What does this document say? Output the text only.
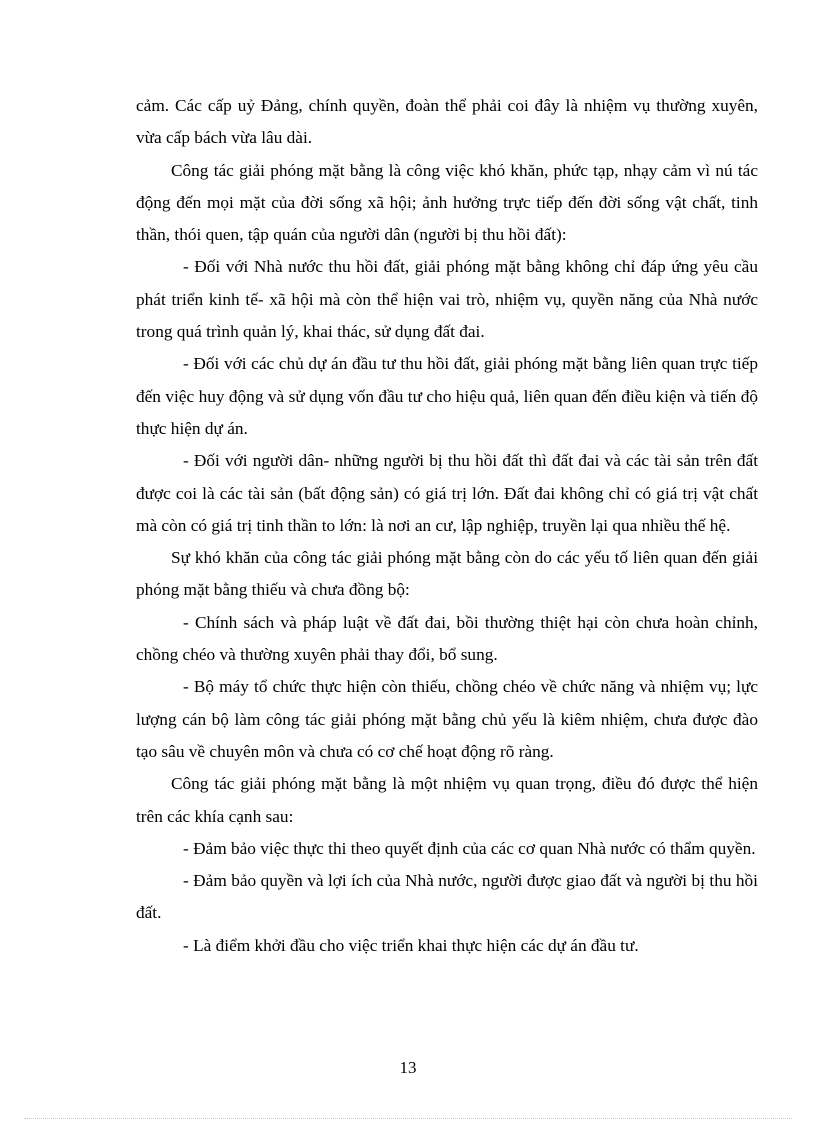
cảm. Các cấp uỷ Đảng, chính quyền, đoàn thể phải coi đây là nhiệm vụ thường xuyên, vừa cấp bách vừa lâu dài.

Công tác giải phóng mặt bằng là công việc khó khăn, phức tạp, nhạy cảm vì nú tác động đến mọi mặt của đời sống xã hội; ảnh hưởng trực tiếp đến đời sống vật chất, tinh thần, thói quen, tập quán của người dân (người bị thu hồi đất):

- Đối với Nhà nước thu hồi đất, giải phóng mặt bằng không chỉ đáp ứng yêu cầu phát triển kinh tế- xã hội mà còn thể hiện vai trò, nhiệm vụ, quyền năng của Nhà nước trong quá trình quản lý, khai thác, sử dụng đất đai.

- Đối với các chủ dự án đầu tư thu hồi đất, giải phóng mặt bằng liên quan trực tiếp đến việc huy động và sử dụng vốn đầu tư cho hiệu quả, liên quan đến điều kiện và tiến độ thực hiện dự án.

- Đối với người dân- những người bị thu hồi đất thì đất đai và các tài sản trên đất được coi là các tài sản (bất động sản) có giá trị lớn. Đất đai không chỉ có giá trị vật chất mà còn có giá trị tinh thần to lớn: là nơi an cư, lập nghiệp, truyền lại qua nhiều thế hệ.

Sự khó khăn của công tác giải phóng mặt bằng còn do các yếu tố liên quan đến giải phóng mặt bằng thiếu và chưa đồng bộ:

- Chính sách và pháp luật về đất đai, bồi thường thiệt hại còn chưa hoàn chỉnh, chồng chéo và thường xuyên phải thay đổi, bổ sung.

- Bộ máy tổ chức thực hiện còn thiếu, chồng chéo về chức năng và nhiệm vụ; lực lượng cán bộ làm công tác giải phóng mặt bằng chủ yếu là kiêm nhiệm, chưa được đào tạo sâu về chuyên môn và chưa có cơ chế hoạt động rõ ràng.

Công tác giải phóng mặt bằng là một nhiệm vụ quan trọng, điều đó được thể hiện trên các khía cạnh sau:

- Đảm bảo việc thực thi theo quyết định của các cơ quan Nhà nước có thẩm quyền.

- Đảm bảo quyền và lợi ích của Nhà nước, người được giao đất và người bị thu hồi đất.

- Là điểm khởi đầu cho việc triển khai thực hiện các dự án đầu tư.

13
